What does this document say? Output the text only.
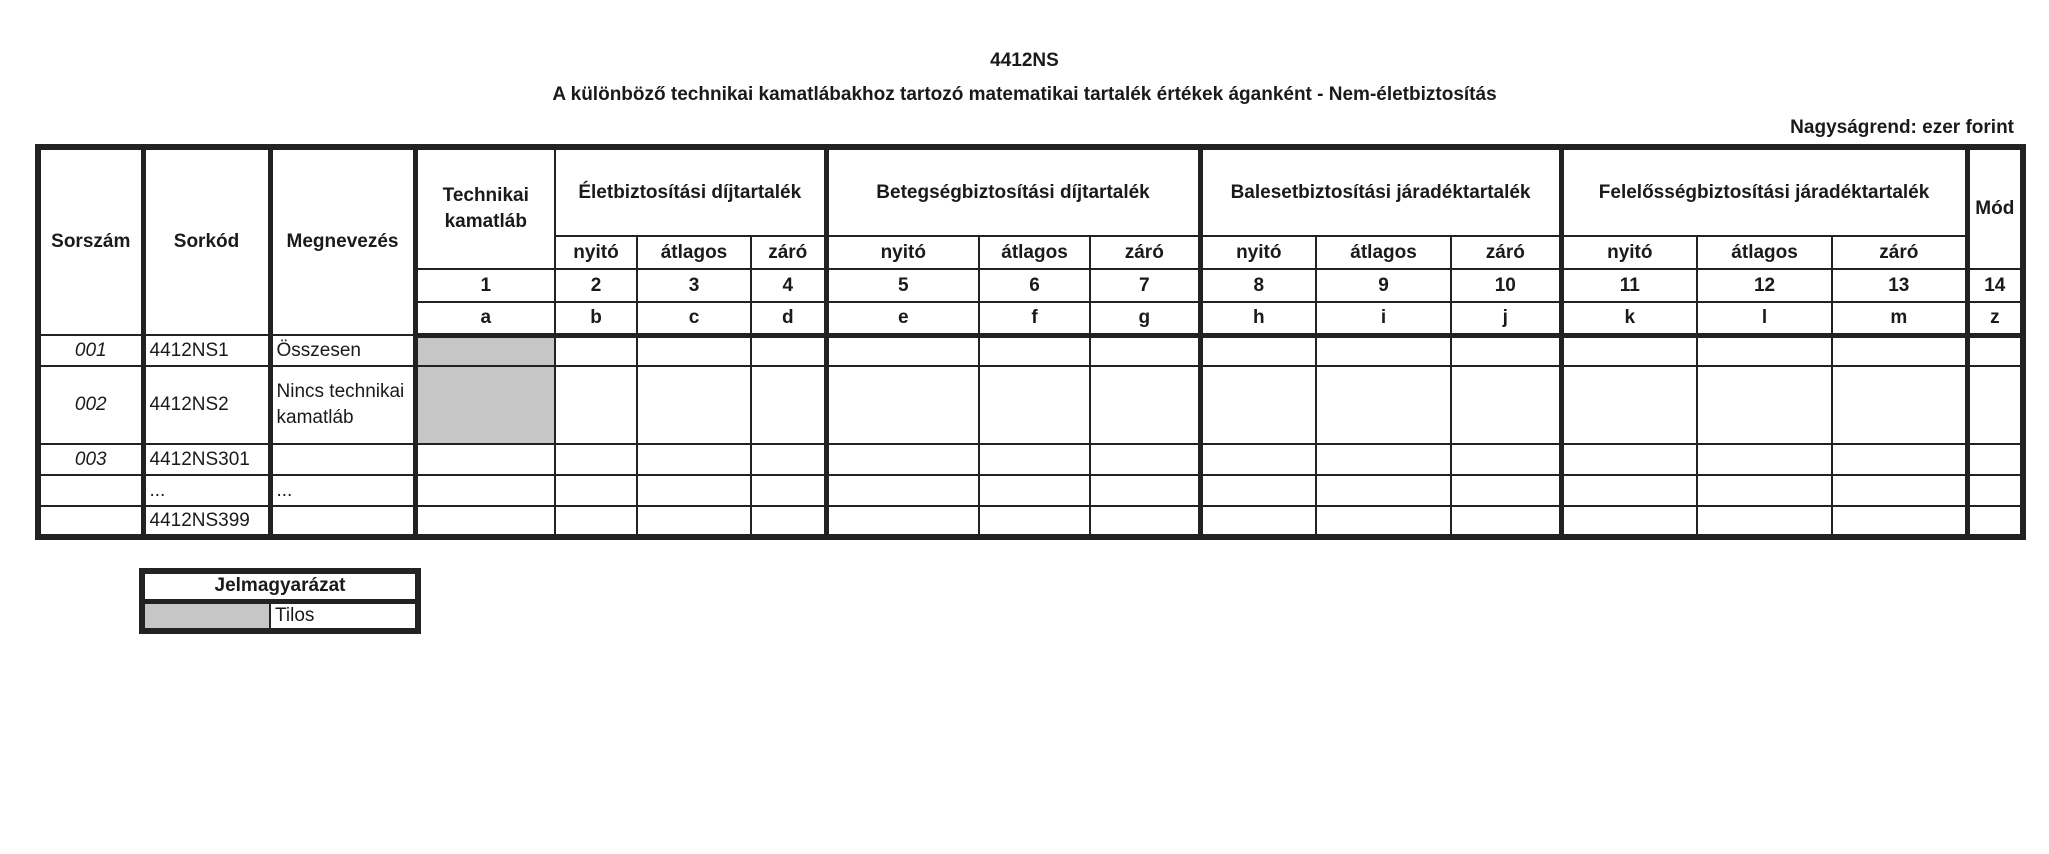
4412NS
A különböző technikai kamatlábakhoz tartozó matematikai tartalék értékek áganként - Nem-életbiztosítás
Nagyságrend: ezer forint
Sorszám	Sorkód	Megnevezés	Technikai kamatláb	Életbiztosítási díjtartalék			Betegségbiztosítási díjtartalék			Balesetbiztosítási járadéktartalék			Felelősségbiztosítási járadéktartalék			Mód
				nyitó	átlagos	záró	nyitó	átlagos	záró	nyitó	átlagos	záró	nyitó	átlagos	záró	
			1	2	3	4	5	6	7	8	9	10	11	12	13	14
			a	b	c	d	e	f	g	h	i	j	k	l	m	z
001	4412NS1	Összesen														
002	4412NS2	Nincs technikai kamatláb														
003	4412NS301															
	...	...														
	4412NS399															
Jelmagyarázat
	Tilos
